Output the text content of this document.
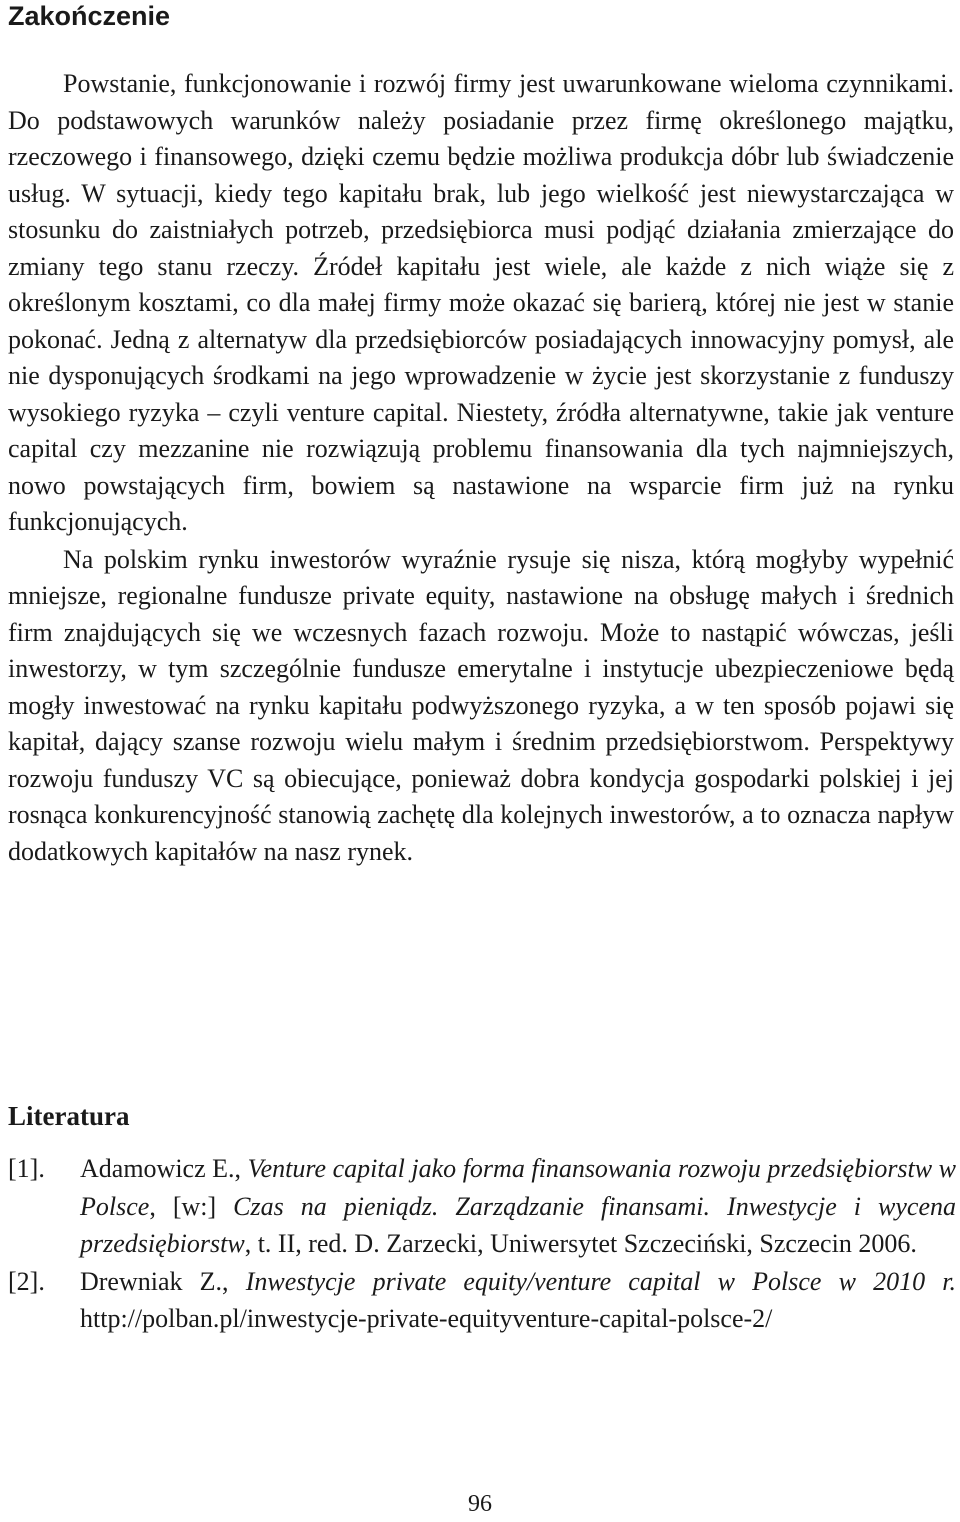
Zakończenie

Powstanie, funkcjonowanie i rozwój firmy jest uwarunkowane wieloma czynnikami. Do podstawowych warunków należy posiadanie przez firmę określonego majątku, rzeczowego i finansowego, dzięki czemu będzie możliwa produkcja dóbr lub świadczenie usług. W sytuacji, kiedy tego kapitału brak, lub jego wielkość jest niewystarczająca w stosunku do zaistniałych potrzeb, przedsiębiorca musi podjąć działania zmierzające do zmiany tego stanu rzeczy. Źródeł kapitału jest wiele, ale każde z nich wiąże się z określonym kosztami, co dla małej firmy może okazać się barierą, której nie jest w stanie pokonać. Jedną z alternatyw dla przedsiębiorców posiadających innowacyjny pomysł, ale nie dysponujących środkami na jego wprowadzenie w życie jest skorzystanie z funduszy wysokiego ryzyka – czyli venture capital. Niestety, źródła alternatywne, takie jak venture capital czy mezzanine nie rozwiązują problemu finansowania dla tych najmniejszych, nowo powstających firm, bowiem są nastawione na wsparcie firm już na rynku funkcjonujących.

Na polskim rynku inwestorów wyraźnie rysuje się nisza, którą mogłyby wypełnić mniejsze, regionalne fundusze private equity, nastawione na obsługę małych i średnich firm znajdujących się we wczesnych fazach rozwoju. Może to nastąpić wówczas, jeśli inwestorzy, w tym szczególnie fundusze emerytalne i instytucje ubezpieczeniowe będą mogły inwestować na rynku kapitału podwyższonego ryzyka, a w ten sposób pojawi się kapitał, dający szanse rozwoju wielu małym i średnim przedsiębiorstwom. Perspektywy rozwoju funduszy VC są obiecujące, ponieważ dobra kondycja gospodarki polskiej i jej rosnąca konkurencyjność stanowią zachętę dla kolejnych inwestorów, a to oznacza napływ dodatkowych kapitałów na nasz rynek.

Literatura
[1]. Adamowicz E., Venture capital jako forma finansowania rozwoju przedsiębiorstw w Polsce, [w:] Czas na pieniądz. Zarządzanie finansami. Inwestycje i wycena przedsiębiorstw, t. II, red. D. Zarzecki, Uniwersytet Szczeciński, Szczecin 2006.
[2]. Drewniak Z., Inwestycje private equity/venture capital w Polsce w 2010 r. http://polban.pl/inwestycje-private-equityventure-capital-polsce-2/
96
